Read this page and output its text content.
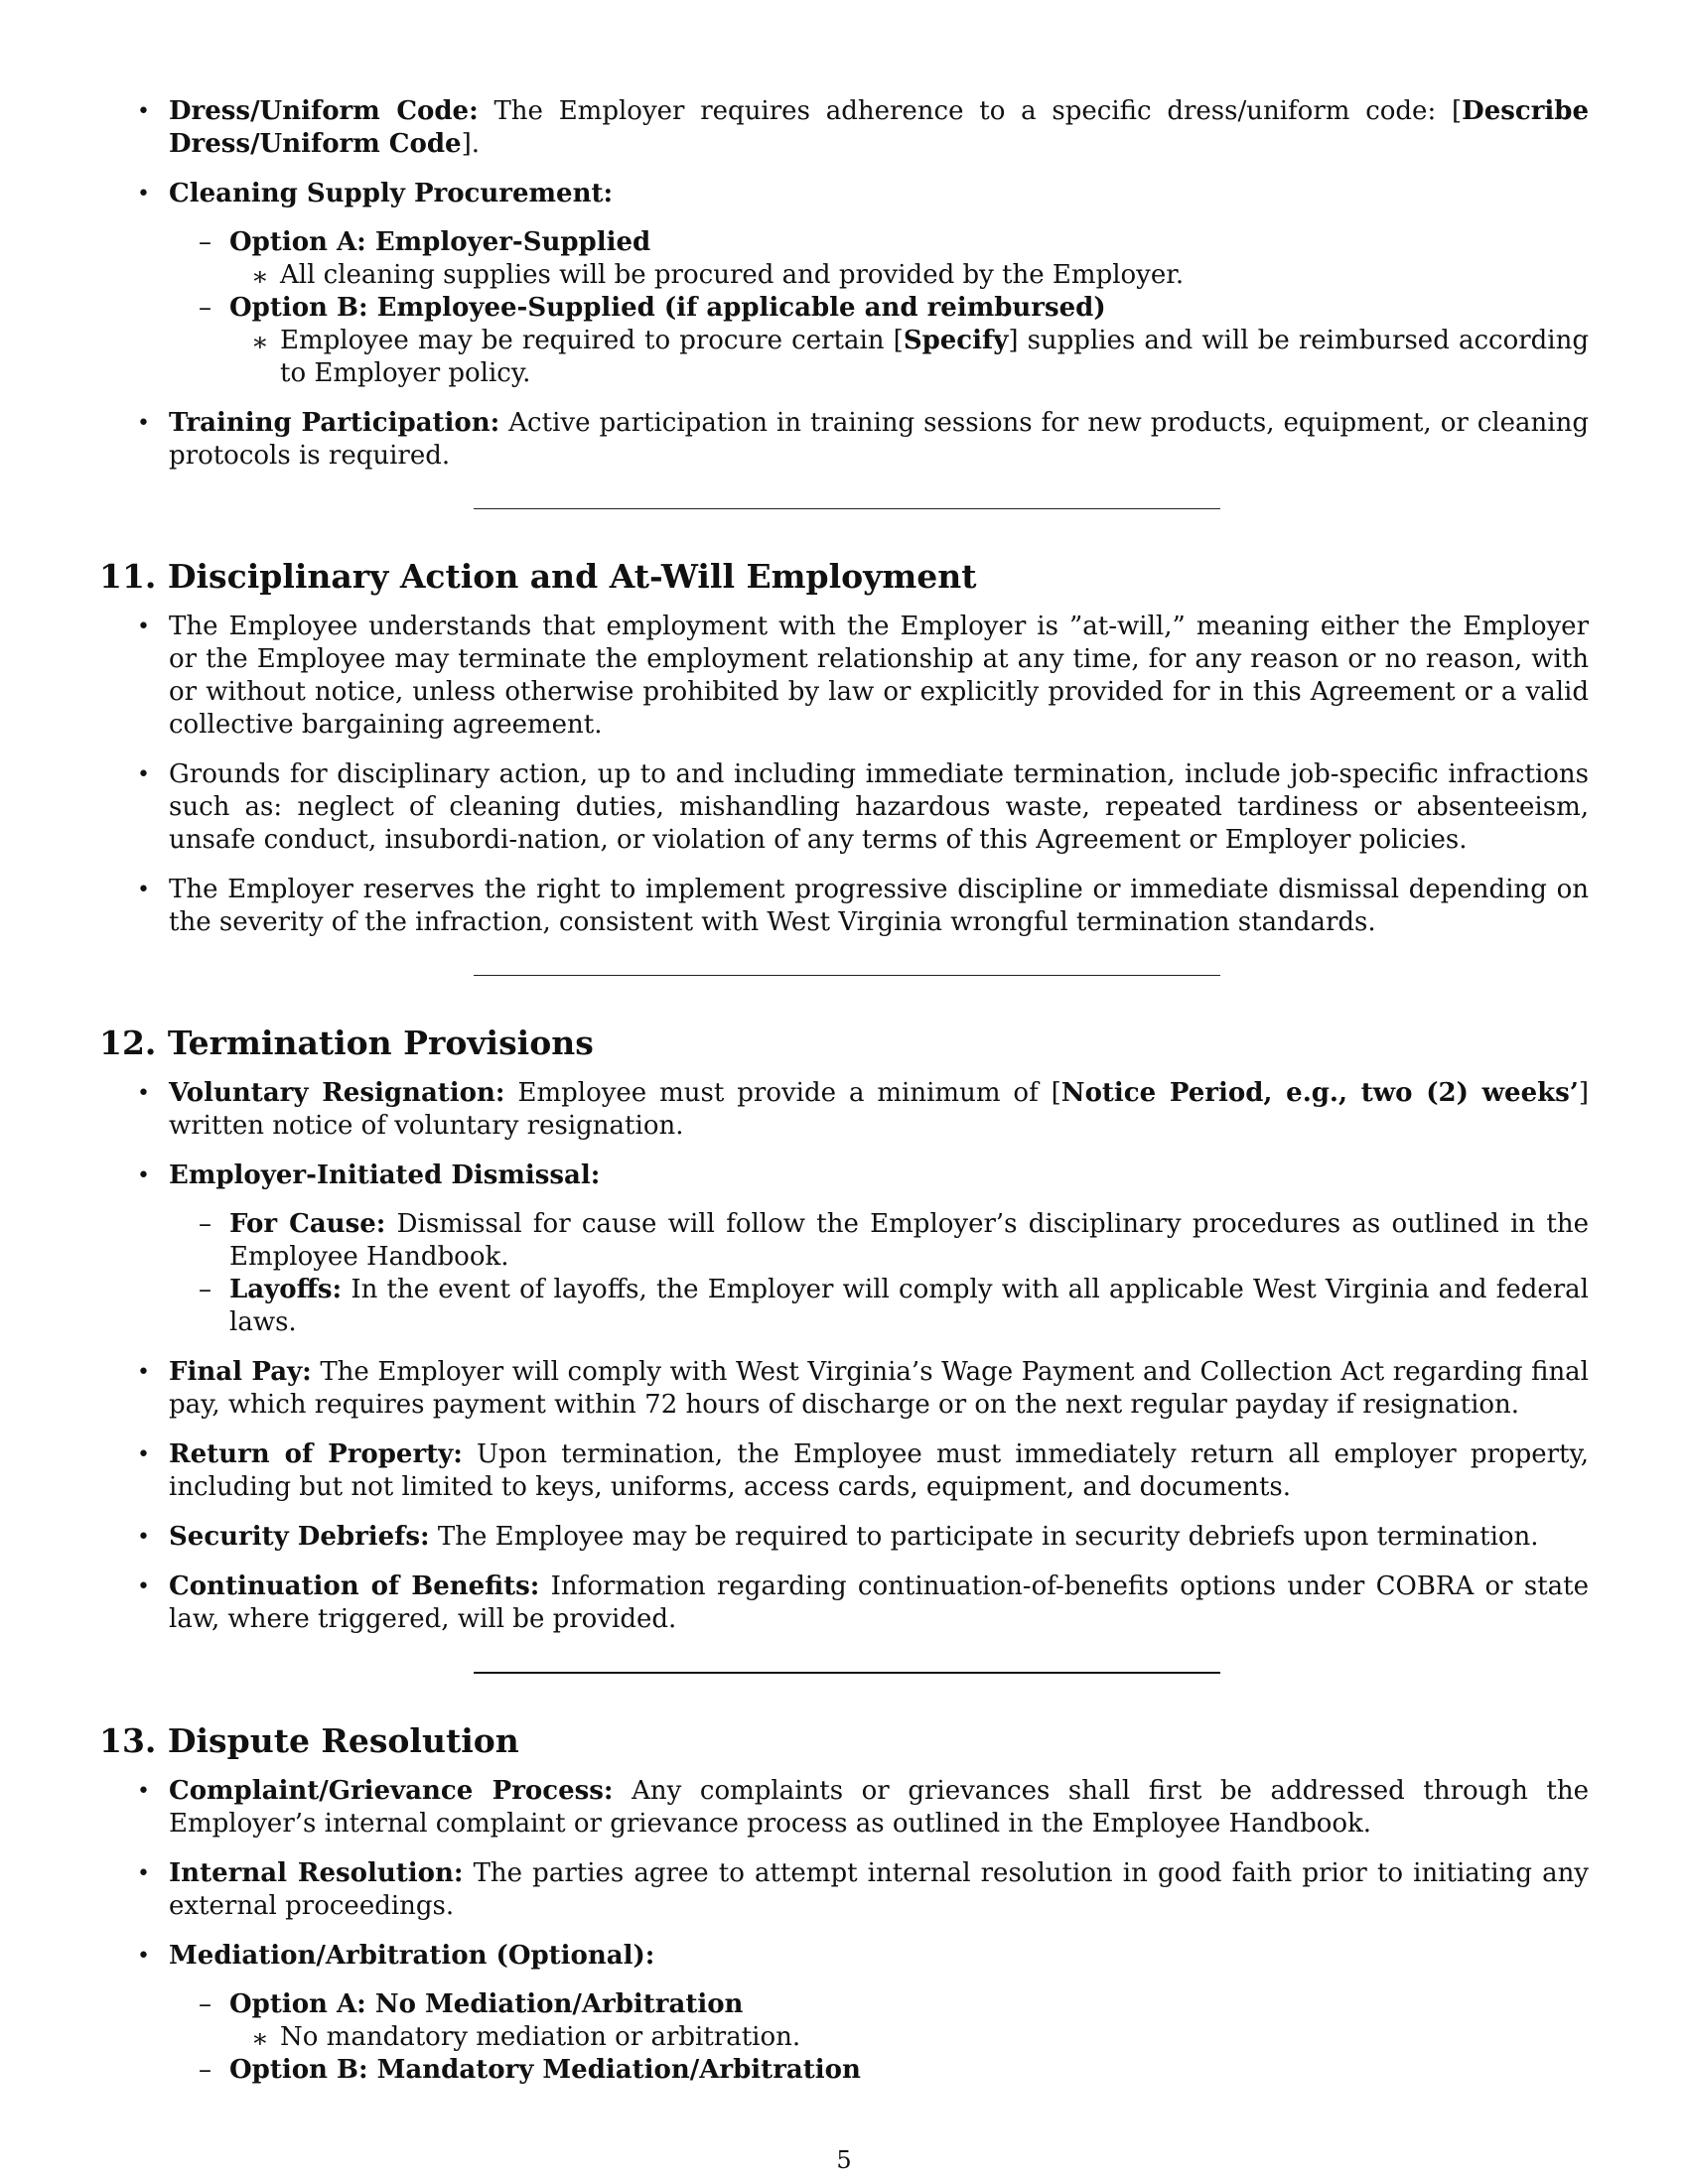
• Dress/Uniform Code: The Employer requires adherence to a specific dress/uniform code: [Describe Dress/Uniform Code].
• Cleaning Supply Procurement:
– Option A: Employer-Supplied
∗ All cleaning supplies will be procured and provided by the Employer.
– Option B: Employee-Supplied (if applicable and reimbursed)
∗ Employee may be required to procure certain [Specify] supplies and will be reimbursed according to Employer policy.
• Training Participation: Active participation in training sessions for new products, equipment, or cleaning protocols is required.
11. Disciplinary Action and At-Will Employment
• The Employee understands that employment with the Employer is ”at-will,” meaning either the Employer or the Employee may terminate the employment relationship at any time, for any reason or no reason, with or without notice, unless otherwise prohibited by law or explicitly provided for in this Agreement or a valid collective bargaining agreement.
• Grounds for disciplinary action, up to and including immediate termination, include job-specific infractions such as: neglect of cleaning duties, mishandling hazardous waste, repeated tardiness or absenteeism, unsafe conduct, insubordi-nation, or violation of any terms of this Agreement or Employer policies.
• The Employer reserves the right to implement progressive discipline or immediate dismissal depending on the severity of the infraction, consistent with West Virginia wrongful termination standards.
12. Termination Provisions
• Voluntary Resignation: Employee must provide a minimum of [Notice Period, e.g., two (2) weeks’] written notice of voluntary resignation.
• Employer-Initiated Dismissal:
– For Cause: Dismissal for cause will follow the Employer’s disciplinary procedures as outlined in the Employee Handbook.
– Layoffs: In the event of layoffs, the Employer will comply with all applicable West Virginia and federal laws.
• Final Pay: The Employer will comply with West Virginia’s Wage Payment and Collection Act regarding final pay, which requires payment within 72 hours of discharge or on the next regular payday if resignation.
• Return of Property: Upon termination, the Employee must immediately return all employer property, including but not limited to keys, uniforms, access cards, equipment, and documents.
• Security Debriefs: The Employee may be required to participate in security debriefs upon termination.
• Continuation of Benefits: Information regarding continuation-of-benefits options under COBRA or state law, where triggered, will be provided.
13. Dispute Resolution
• Complaint/Grievance Process: Any complaints or grievances shall first be addressed through the Employer’s internal complaint or grievance process as outlined in the Employee Handbook.
• Internal Resolution: The parties agree to attempt internal resolution in good faith prior to initiating any external proceedings.
• Mediation/Arbitration (Optional):
– Option A: No Mediation/Arbitration
∗ No mandatory mediation or arbitration.
– Option B: Mandatory Mediation/Arbitration
5
